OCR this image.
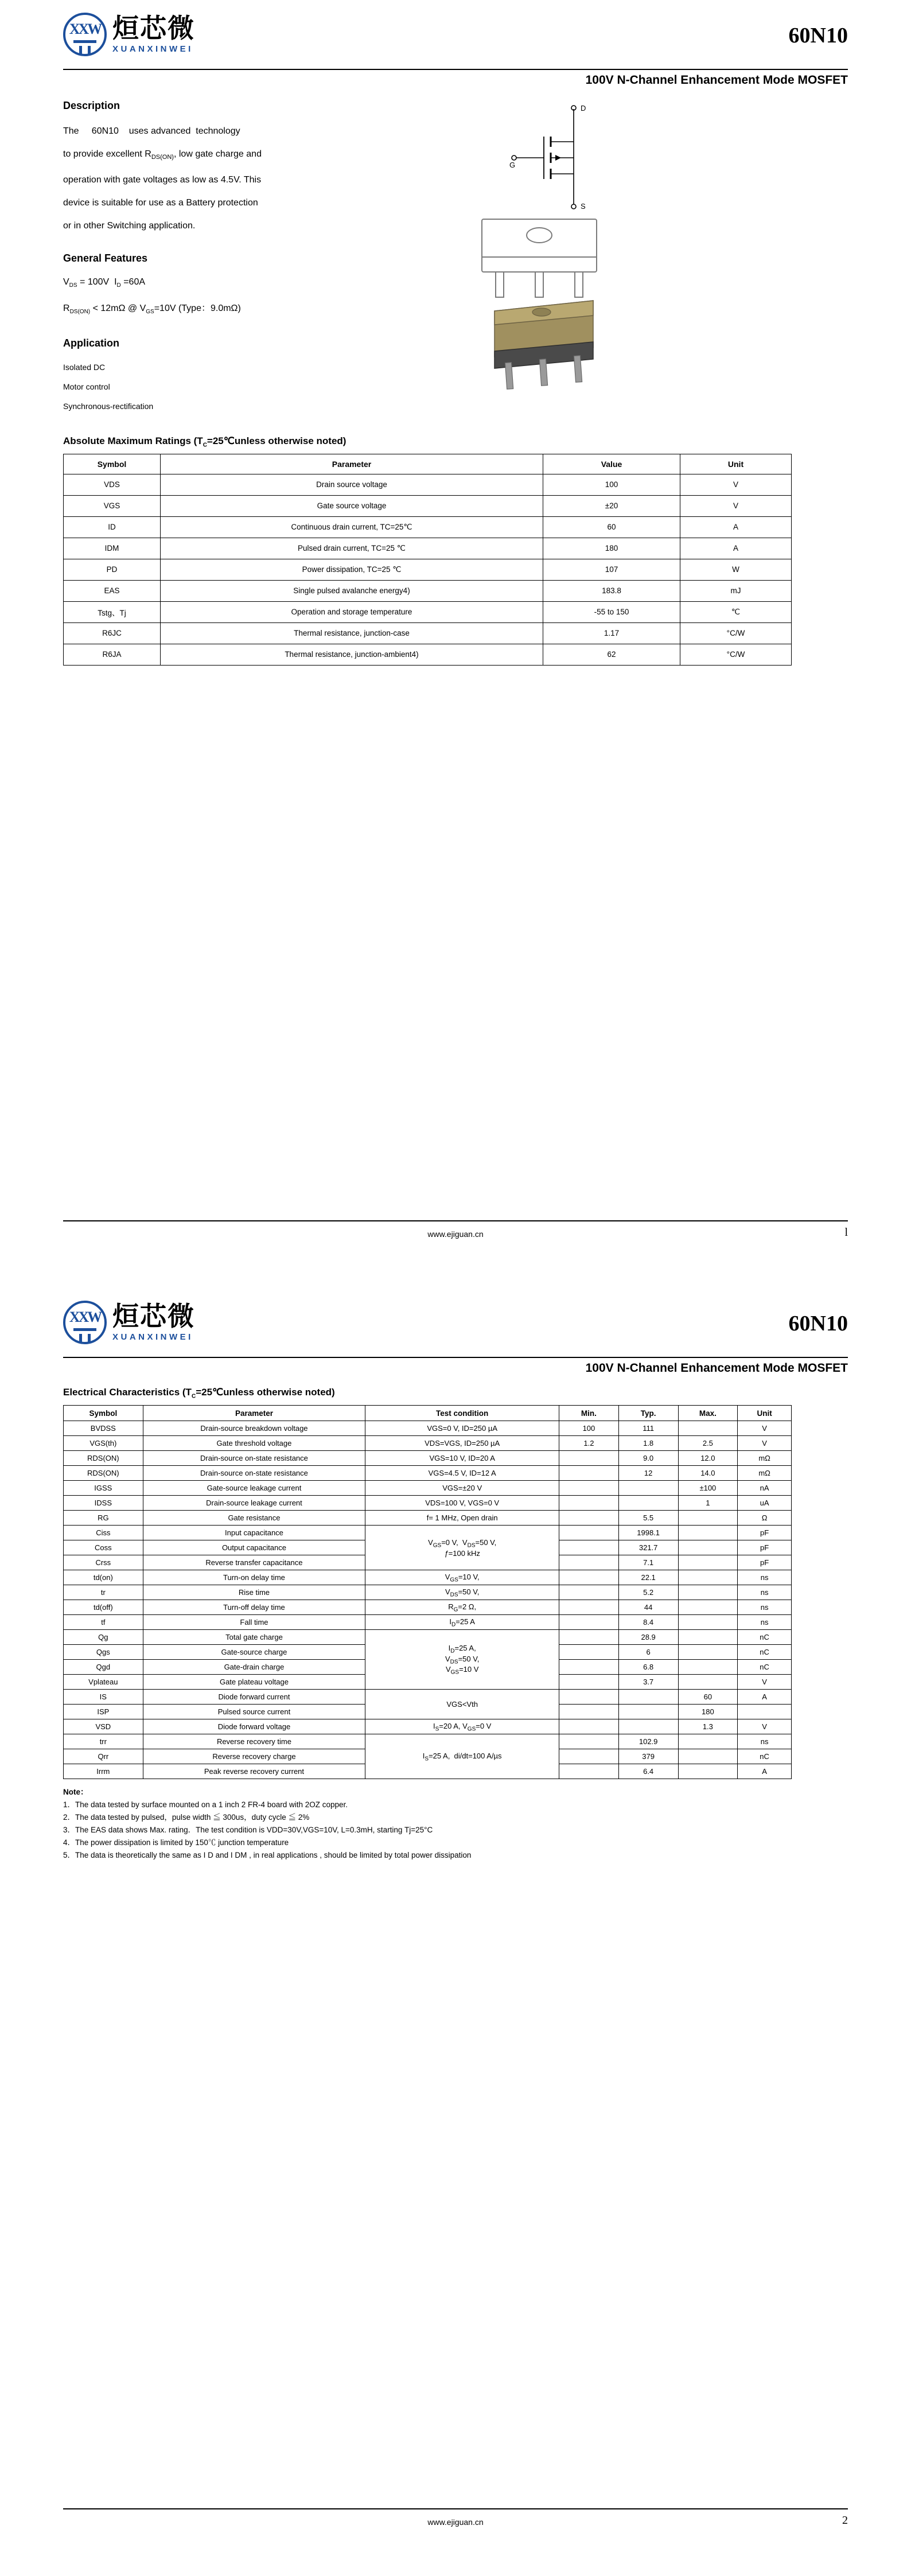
XXW 烜芯微
XUANXINWEI
60N10
100V N-Channel Enhancement Mode MOSFET
Description

The     60N10    uses advanced  technology

to provide excellent $R_{DS(ON)}$, low gate charge and

operation with gate voltages as low as 4.5V. This

device is suitable for use as a Battery protection

or in other Switching application.

General Features

$V_{DS} = 100V$  $I_D =60A$

$R_{DS(ON)} < 12m\Omega$ @ $V_{GS}=10V$ (Type：9.0mΩ)

Application

Isolated DC

Motor control

Synchronous-rectification

D
S
G
Absolute Maximum Ratings ($T_C=25℃unless$ otherwise noted)
Symbol	Parameter	Value	Unit
VDS	Drain source voltage	100	V
VGS	Gate source voltage	±20	V
ID	Continuous drain current, TC=25℃	60	A
IDM	Pulsed drain current, TC=25 ℃	180	A
PD	Power dissipation, TC=25 ℃	107	W
EAS	Single pulsed avalanche energy4)	183.8	mJ
Tstg、Tj	Operation and storage temperature	-55 to 150	℃
R6JC	Thermal resistance, junction-case	1.17	°C/W
R6JA	Thermal resistance, junction-ambient4)	62	°C/W
www.ejiguan.cn	l
XXW 烜芯微
XUANXINWEI
60N10
100V N-Channel Enhancement Mode MOSFET
Electrical Characteristics ($T_C=25℃unless$ otherwise noted)
Symbol	Parameter	Test condition	Min.	Typ.	Max.	Unit
BVDSS	Drain-source breakdown voltage	VGS=0 V, ID=250 µA	100	111		V
VGS(th)	Gate threshold voltage	VDS=VGS, ID=250 µA	1.2	1.8	2.5	V
RDS(ON)	Drain-source on-state resistance	VGS=10 V, ID=20 A		9.0	12.0	mΩ
RDS(ON)	Drain-source on-state resistance	VGS=4.5 V, ID=12 A		12	14.0	mΩ
IGSS	Gate-source leakage current	VGS=±20 V			±100	nA
IDSS	Drain-source leakage current	VDS=100 V, VGS=0 V			1	uA
RG	Gate resistance	f= 1 MHz, Open drain		5.5		Ω
Ciss	Input capacitance	$V_{GS}=0$ V,  $V_{DS}=50$ V,
ƒ=100 kHz		1998.1		pF
Coss	Output capacitance			321.7		pF
Crss	Reverse transfer capacitance			7.1		pF
td(on)	Turn-on delay time	$V_{GS}=10$ V,		22.1		ns
tr	Rise time	$V_{DS}=50$ V,		5.2		ns
td(off)	Turn-off delay time	$R_G=2$ Ω,		44		ns
tf	Fall time	$I_D=25$ A		8.4		ns
Qg	Total gate charge	$I_D=25$ A,
$V_{DS}=50$ V,
$V_{GS}=10$ V		28.9		nC
Qgs	Gate-source charge			6		nC
Qgd	Gate-drain charge			6.8		nC
Vplateau	Gate plateau voltage			3.7		V
IS	Diode forward current	VGS<Vth			60	A
ISP	Pulsed source current				180	
VSD	Diode forward voltage	$I_S=20$ A, $V_{GS}=0$ V			1.3	V
trr	Reverse recovery time	$I_S=25$ A,  di/dt=100 A/µs		102.9		ns
Qrr	Reverse recovery charge			379		nC
Irrm	Peak reverse recovery current			6.4		A
Note：
1．The data tested by surface mounted on a 1 inch 2 FR-4 board with 2OZ copper.
2．The data tested by pulsed，pulse width ≦ 300us，duty cycle ≦ 2%
3．The EAS data shows Max. rating．The test condition is VDD=30V,VGS=10V, L=0.3mH, starting Tj=25°C
4．The power dissipation is limited by 150℃ junction temperature
5．The data is theoretically the same as I D and I DM , in real applications , should be limited by total power dissipation
www.ejiguan.cn	2
